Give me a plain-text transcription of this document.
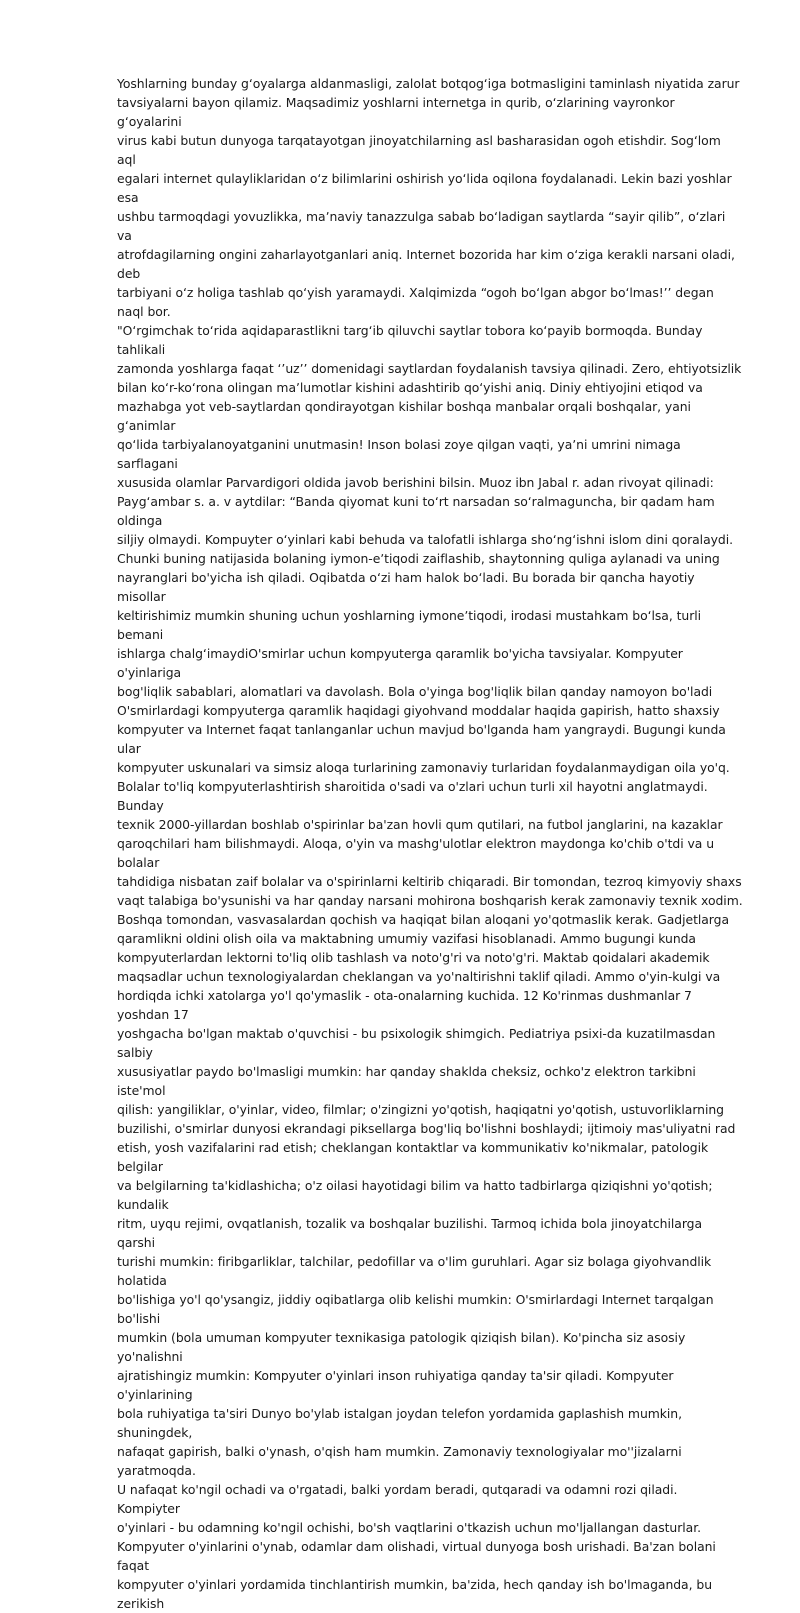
Yoshlarning bunday gʻoyalarga aldanmasligi, zalolat botqogʻiga botmasligini taminlash niyatida zarur
tavsiyalarni bayon qilamiz. Maqsadimiz yoshlarni internetga in qurib, oʻzlarining vayronkor gʻoyalarini
virus kabi butun dunyoga tarqatayotgan jinoyatchilarning asl basharasidan ogoh etishdir. Sogʻlom aql
egalari internet qulayliklaridan oʻz bilimlarini oshirish yoʻlida oqilona foydalanadi. Lekin bazi yoshlar esa
ushbu tarmoqdagi yovuzlikka, maʼnaviy tanazzulga sabab boʻladigan saytlarda “sayir qilib”, oʻzlari va
atrofdagilarning ongini zaharlayotganlari aniq. Internet bozorida har kim oʻziga kerakli narsani oladi, deb
tarbiyani oʻz holiga tashlab qoʻyish yaramaydi. Xalqimizda “ogoh boʻlgan abgor boʻlmas!’’ degan naql bor.
"Oʻrgimchak toʻrida aqidaparastlikni targʻib qiluvchi saytlar tobora koʻpayib bormoqda. Bunday tahlikali
zamonda yoshlarga faqat ‘’uz’’ domenidagi saytlardan foydalanish tavsiya qilinadi. Zero, ehtiyotsizlik
bilan koʻr-koʻrona olingan maʼlumotlar kishini adashtirib qoʻyishi aniq. Diniy ehtiyojini etiqod va
mazhabga yot veb-saytlardan qondirayotgan kishilar boshqa manbalar orqali boshqalar, yani gʻanimlar
qoʻlida tarbiyalanoyatganini unutmasin! Inson bolasi zoye qilgan vaqti, yaʼni umrini nimaga sarflagani
xususida olamlar Parvardigori oldida javob berishini bilsin. Muoz ibn Jabal r. adan rivoyat qilinadi:
Paygʻambar s. a. v aytdilar: “Banda qiyomat kuni toʻrt narsadan soʻralmaguncha, bir qadam ham oldinga
siljiy olmaydi. Kompuyter oʻyinlari kabi behuda va talofatli ishlarga shoʻngʻishni islom dini qoralaydi.
Chunki buning natijasida bolaning iymon-eʼtiqodi zaiflashib, shaytonning quliga aylanadi va uning
nayranglari bo'yicha ish qiladi. Oqibatda oʻzi ham halok boʻladi. Bu borada bir qancha hayotiy misollar
keltirishimiz mumkin shuning uchun yoshlarning iymoneʼtiqodi, irodasi mustahkam boʻlsa, turli bemani
ishlarga chalgʻimaydiO'smirlar uchun kompyuterga qaramlik bo'yicha tavsiyalar. Kompyuter o'yinlariga
bog'liqlik sabablari, alomatlari va davolash. Bola o'yinga bog'liqlik bilan qanday namoyon bo'ladi
O'smirlardagi kompyuterga qaramlik haqidagi giyohvand moddalar haqida gapirish, hatto shaxsiy
kompyuter va Internet faqat tanlanganlar uchun mavjud bo'lganda ham yangraydi. Bugungi kunda ular
kompyuter uskunalari va simsiz aloqa turlarining zamonaviy turlaridan foydalanmaydigan oila yo'q.
Bolalar to'liq kompyuterlashtirish sharoitida o'sadi va o'zlari uchun turli xil hayotni anglatmaydi. Bunday
texnik 2000-yillardan boshlab o'spirinlar ba'zan hovli qum qutilari, na futbol janglarini, na kazaklar
qaroqchilari ham bilishmaydi. Aloqa, o'yin va mashg'ulotlar elektron maydonga ko'chib o'tdi va u bolalar
tahdidiga nisbatan zaif bolalar va o'spirinlarni keltirib chiqaradi. Bir tomondan, tezroq kimyoviy shaxs
vaqt talabiga bo'ysunishi va har qanday narsani mohirona boshqarish kerak zamonaviy texnik xodim.
Boshqa tomondan, vasvasalardan qochish va haqiqat bilan aloqani yo'qotmaslik kerak. Gadjetlarga
qaramlikni oldini olish oila va maktabning umumiy vazifasi hisoblanadi. Ammo bugungi kunda
kompyuterlardan lektorni to'liq olib tashlash va noto'g'ri va noto'g'ri. Maktab qoidalari akademik
maqsadlar uchun texnologiyalardan cheklangan va yo'naltirishni taklif qiladi. Ammo o'yin-kulgi va
hordiqda ichki xatolarga yo'l qo'ymaslik - ota-onalarning kuchida. 12 Ko'rinmas dushmanlar 7 yoshdan 17
yoshgacha bo'lgan maktab o'quvchisi - bu psixologik shimgich. Pediatriya psixi-da kuzatilmasdan salbiy
xususiyatlar paydo bo'lmasligi mumkin: har qanday shaklda cheksiz, ochko'z elektron tarkibni iste'mol
qilish: yangiliklar, o'yinlar, video, filmlar; o'zingizni yo'qotish, haqiqatni yo'qotish, ustuvorliklarning
buzilishi, o'smirlar dunyosi ekrandagi piksellarga bog'liq bo'lishni boshlaydi; ijtimoiy mas'uliyatni rad
etish, yosh vazifalarini rad etish; cheklangan kontaktlar va kommunikativ ko'nikmalar, patologik belgilar
va belgilarning ta'kidlashicha; o'z oilasi hayotidagi bilim va hatto tadbirlarga qiziqishni yo'qotish; kundalik
ritm, uyqu rejimi, ovqatlanish, tozalik va boshqalar buzilishi. Tarmoq ichida bola jinoyatchilarga qarshi
turishi mumkin: firibgarliklar, talchilar, pedofillar va o'lim guruhlari. Agar siz bolaga giyohvandlik holatida
bo'lishiga yo'l qo'ysangiz, jiddiy oqibatlarga olib kelishi mumkin: O'smirlardagi Internet tarqalgan bo'lishi
mumkin (bola umuman kompyuter texnikasiga patologik qiziqish bilan). Ko'pincha siz asosiy yo'nalishni
ajratishingiz mumkin: Kompyuter o'yinlari inson ruhiyatiga qanday ta'sir qiladi. Kompyuter o'yinlarining
bola ruhiyatiga ta'siri Dunyo bo'ylab istalgan joydan telefon yordamida gaplashish mumkin, shuningdek,
nafaqat gapirish, balki o'ynash, o'qish ham mumkin. Zamonaviy texnologiyalar mo''jizalarni yaratmoqda.
U nafaqat ko'ngil ochadi va o'rgatadi, balki yordam beradi, qutqaradi va odamni rozi qiladi. Kompiyter
o'yinlari - bu odamning ko'ngil ochishi, bo'sh vaqtlarini o'tkazish uchun mo'ljallangan dasturlar.
Kompyuter o'yinlarini o'ynab, odamlar dam olishadi, virtual dunyoga bosh urishadi. Ba'zan bolani faqat
kompyuter o'yinlari yordamida tinchlantirish mumkin, ba'zida, hech qanday ish bo'lmaganda, bu zerikish
